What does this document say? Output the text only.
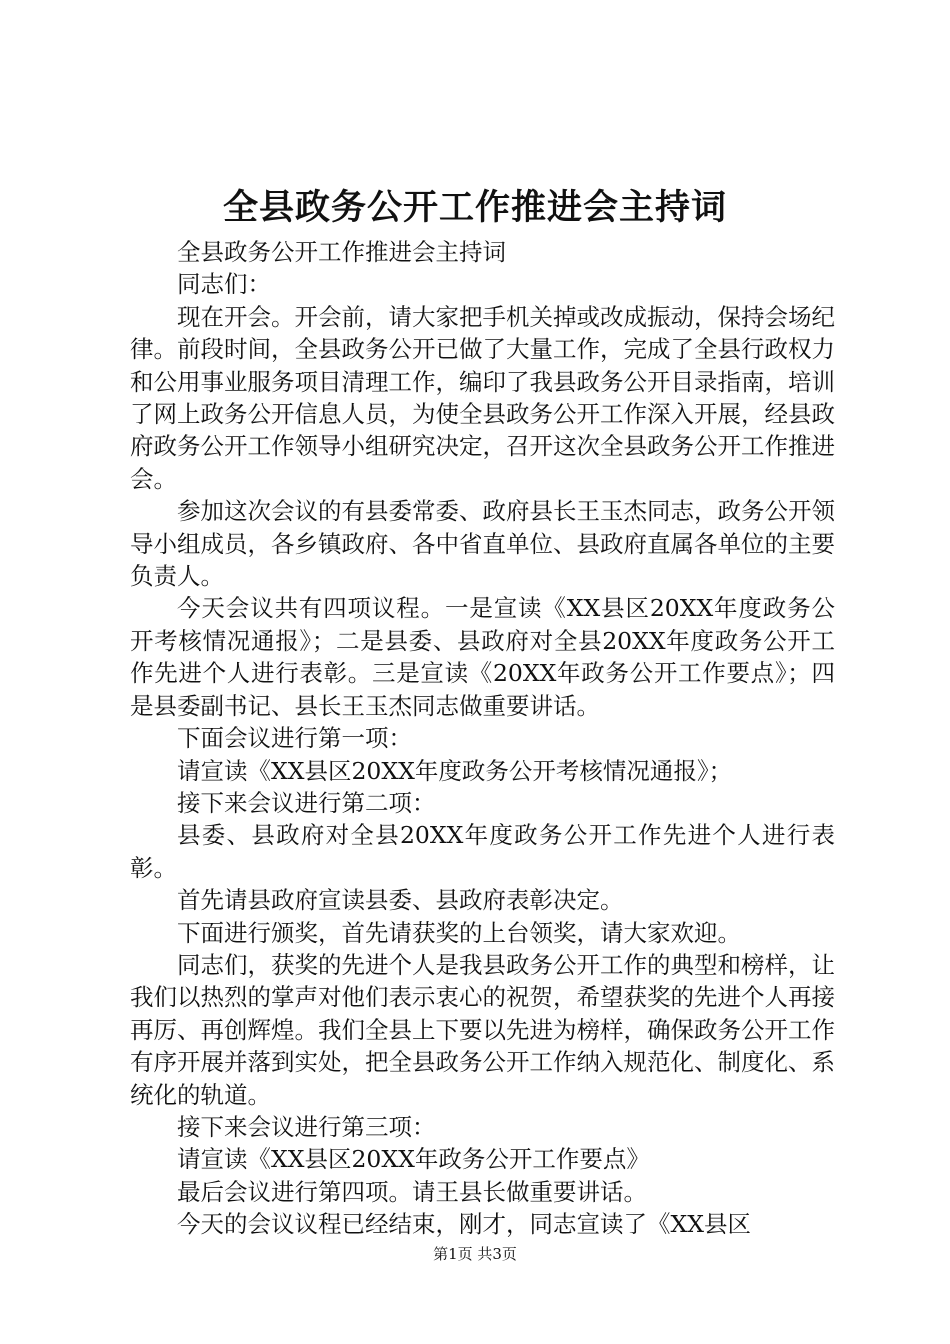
全县政务公开工作推进会主持词

全县政务公开工作推进会主持词

同志们：

现在开会。开会前，请大家把手机关掉或改成振动，保持会场纪律。前段时间，全县政务公开已做了大量工作，完成了全县行政权力和公用事业服务项目清理工作，编印了我县政务公开目录指南，培训了网上政务公开信息人员，为使全县政务公开工作深入开展，经县政府政务公开工作领导小组研究决定，召开这次全县政务公开工作推进会。

参加这次会议的有县委常委、政府县长王玉杰同志，政务公开领导小组成员，各乡镇政府、各中省直单位、县政府直属各单位的主要负责人。

今天会议共有四项议程。一是宣读《XX县区20XX年度政务公开考核情况通报》；二是县委、县政府对全县20XX年度政务公开工作先进个人进行表彰。三是宣读《20XX年政务公开工作要点》；四是县委副书记、县长王玉杰同志做重要讲话。

下面会议进行第一项：

请宣读《XX县区20XX年度政务公开考核情况通报》；

接下来会议进行第二项：

县委、县政府对全县20XX年度政务公开工作先进个人进行表彰。

首先请县政府宣读县委、县政府表彰决定。

下面进行颁奖，首先请获奖的上台领奖，请大家欢迎。

同志们，获奖的先进个人是我县政务公开工作的典型和榜样，让我们以热烈的掌声对他们表示衷心的祝贺，希望获奖的先进个人再接再厉、再创辉煌。我们全县上下要以先进为榜样，确保政务公开工作有序开展并落到实处，把全县政务公开工作纳入规范化、制度化、系统化的轨道。

接下来会议进行第三项：

请宣读《XX县区20XX年政务公开工作要点》

最后会议进行第四项。请王县长做重要讲话。

今天的会议议程已经结束，刚才，同志宣读了《XX县区

第1页 共3页
